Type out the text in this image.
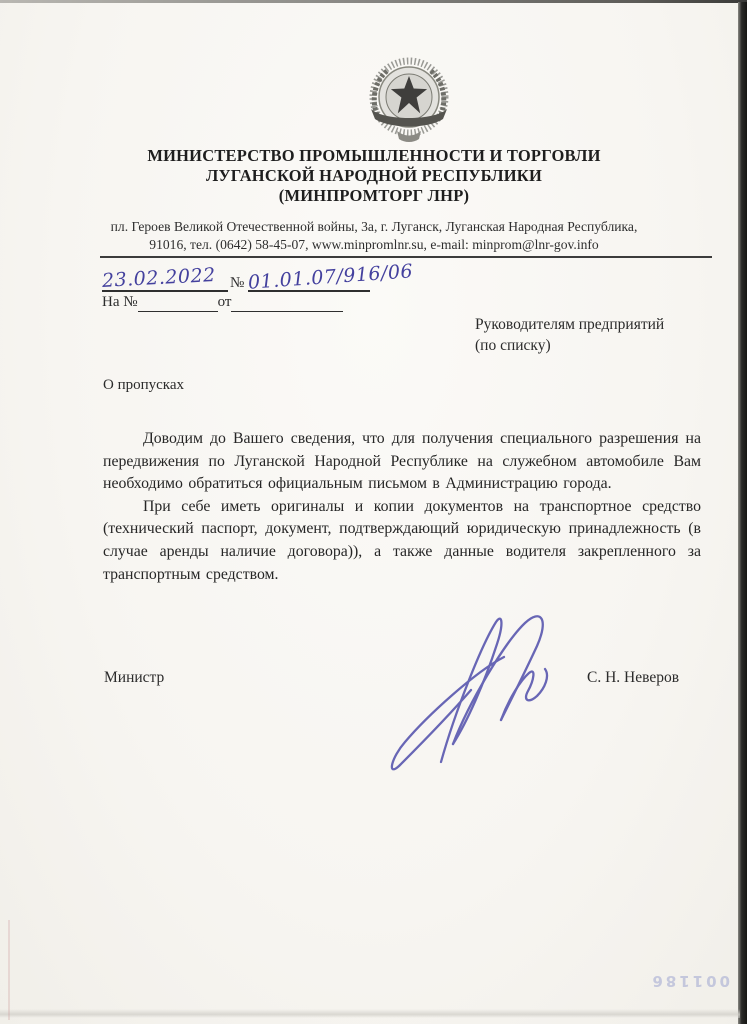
МИНИСТЕРСТВО ПРОМЫШЛЕННОСТИ И ТОРГОВЛИ
ЛУГАНСКОЙ НАРОДНОЙ РЕСПУБЛИКИ
(МИНПРОМТОРГ ЛНР)
пл. Героев Великой Отечественной войны, 3а, г. Луганск, Луганская Народная Республика,
91016, тел. (0642) 58-45-07, www.minpromlnr.su, e-mail: minprom@lnr-gov.info
23.02.2022 № 01.01.07/916/06
На №	от
Руководителям предприятий
(по списку)
О пропусках

Доводим до Вашего сведения, что для получения специального разрешения на передвижения по Луганской Народной Республике на служебном автомобиле Вам необходимо обратиться официальным письмом в Администрацию города.

При себе иметь оригиналы и копии документов на транспортное средство (технический паспорт, документ, подтверждающий юридическую принадлежность (в случае аренды наличие договора)), а также данные водителя закрепленного за транспортным средством.

Министр	С. Н. Неверов
001186
